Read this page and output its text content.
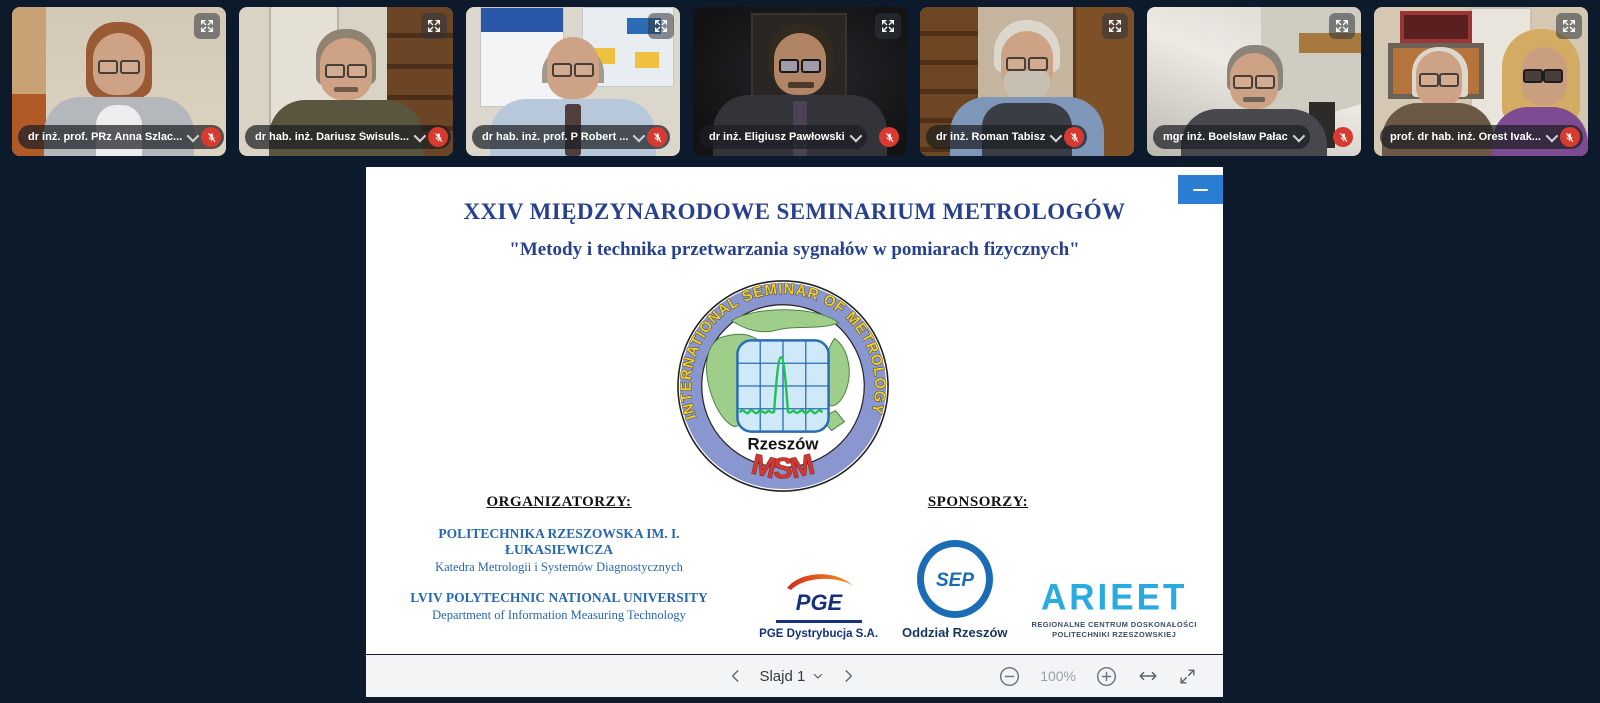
dr inż. prof. PRz Anna Szlac...	dr hab. inż. Dariusz Świsuls...	dr hab. inż. prof. P Robert ...	dr inż. Eligiusz Pawłowski	dr inż. Roman Tabisz	mgr inż. Boelsław Pałac	prof. dr hab. inż. Orest Ivak...
XXIV MIĘDZYNARODOWE SEMINARIUM METROLOGÓW
"Metody i technika przetwarzania sygnałów w pomiarach fizycznych"
Rzeszów
INTERNATIONAL SEMINAR OF METROLOGY
MSM
ORGANIZATORZY:
POLITECHNIKA RZESZOWSKA IM. I. ŁUKASIEWICZA
Katedra Metrologii i Systemów Diagnostycznych
LVIV POLYTECHNIC NATIONAL UNIVERSITY
Department of Information Measuring Technology
SPONSORZY:
PGE
PGE Dystrybucja S.A.
SEP
Oddział Rzeszów
ARIEET
REGIONALNE CENTRUM DOSKONAŁOŚCI
POLITECHNIKI RZESZOWSKIEJ
Slajd 1	100%
